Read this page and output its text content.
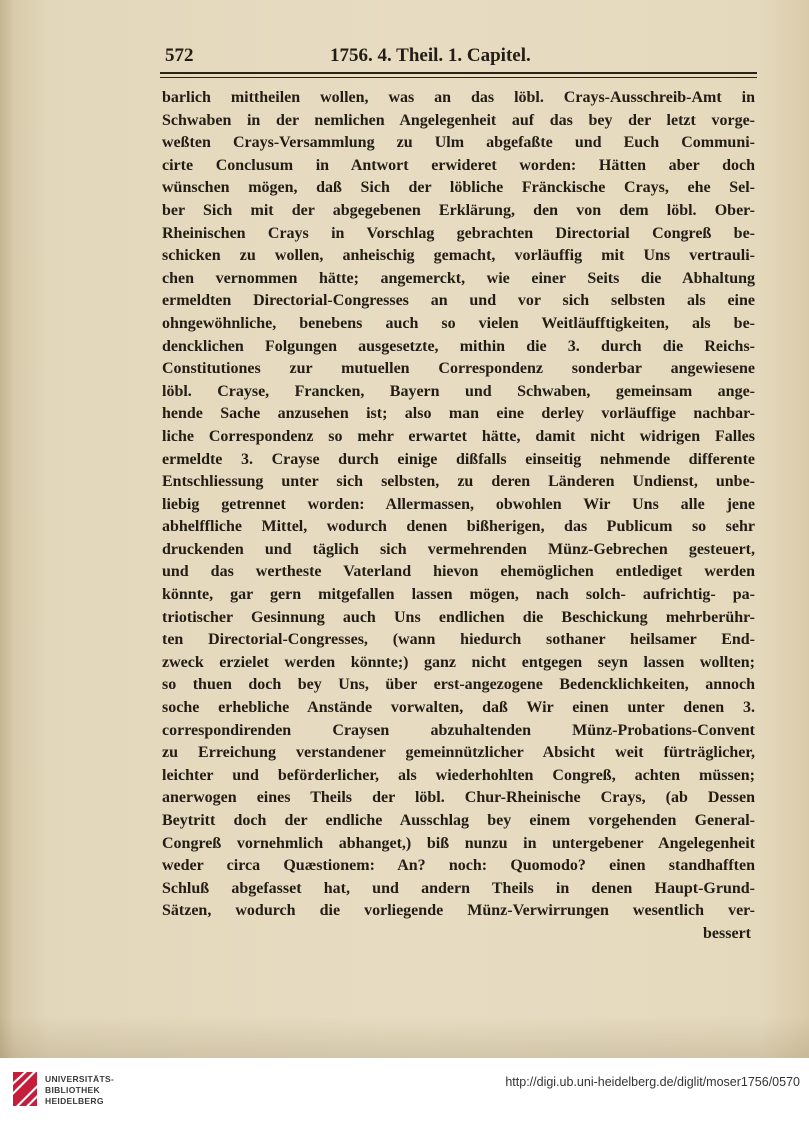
572	1756. 4. Theil. 1. Capitel.
barlich mittheilen wollen, was an das löbl. Crays-Ausschreib-Amt in
Schwaben in der nemlichen Angelegenheit auf das bey der letzt vorge-
weßten Crays-Versammlung zu Ulm abgefaßte und Euch Communi-
cirte Conclusum in Antwort erwideret worden: Hätten aber doch
wünschen mögen, daß Sich der löbliche Fränckische Crays, ehe Sel-
ber Sich mit der abgegebenen Erklärung, den von dem löbl. Ober-
Rheinischen Crays in Vorschlag gebrachten Directorial Congreß be-
schicken zu wollen, anheischig gemacht, vorläuffig mit Uns vertrauli-
chen vernommen hätte; angemerckt, wie einer Seits die Abhaltung
ermeldten Directorial-Congresses an und vor sich selbsten als eine
ohngewöhnliche, benebens auch so vielen Weitläufftigkeiten, als be-
dencklichen Folgungen ausgesetzte, mithin die 3. durch die Reichs-
Constitutiones zur mutuellen Correspondenz sonderbar angewiesene
löbl. Crayse, Francken, Bayern und Schwaben, gemeinsam ange-
hende Sache anzusehen ist; also man eine derley vorläuffige nachbar-
liche Correspondenz so mehr erwartet hätte, damit nicht widrigen Falles
ermeldte 3. Crayse durch einige dißfalls einseitig nehmende differente
Entschliessung unter sich selbsten, zu deren Länderen Undienst, unbe-
liebig getrennet worden: Allermassen, obwohlen Wir Uns alle jene
abhelffliche Mittel, wodurch denen bißherigen, das Publicum so sehr
druckenden und täglich sich vermehrenden Münz-Gebrechen gesteuert,
und das wertheste Vaterland hievon ehemöglichen entlediget werden
könnte, gar gern mitgefallen lassen mögen, nach solch- aufrichtig- pa-
triotischer Gesinnung auch Uns endlichen die Beschickung mehrberühr-
ten Directorial-Congresses, (wann hiedurch sothaner heilsamer End-
zweck erzielet werden könnte;) ganz nicht entgegen seyn lassen wollten;
so thuen doch bey Uns, über erst-angezogene Bedencklichkeiten, annoch
soche erhebliche Anstände vorwalten, daß Wir einen unter denen 3.
correspondirenden Craysen abzuhaltenden Münz-Probations-Convent
zu Erreichung verstandener gemeinnützlicher Absicht weit fürträglicher,
leichter und beförderlicher, als wiederhohlten Congreß, achten müssen;
anerwogen eines Theils der löbl. Chur-Rheinische Crays, (ab Dessen
Beytritt doch der endliche Ausschlag bey einem vorgehenden General-
Congreß vornehmlich abhanget,) biß nunzu in untergebener Angelegenheit
weder circa Quæstionem: An? noch: Quomodo? einen standhafften
Schluß abgefasset hat, und andern Theils in denen Haupt-Grund-
Sätzen, wodurch die vorliegende Münz-Verwirrungen wesentlich ver-
bessert
UNIVERSITÄTS-
BIBLIOTHEK
HEIDELBERG
http://digi.ub.uni-heidelberg.de/diglit/moser1756/0570
